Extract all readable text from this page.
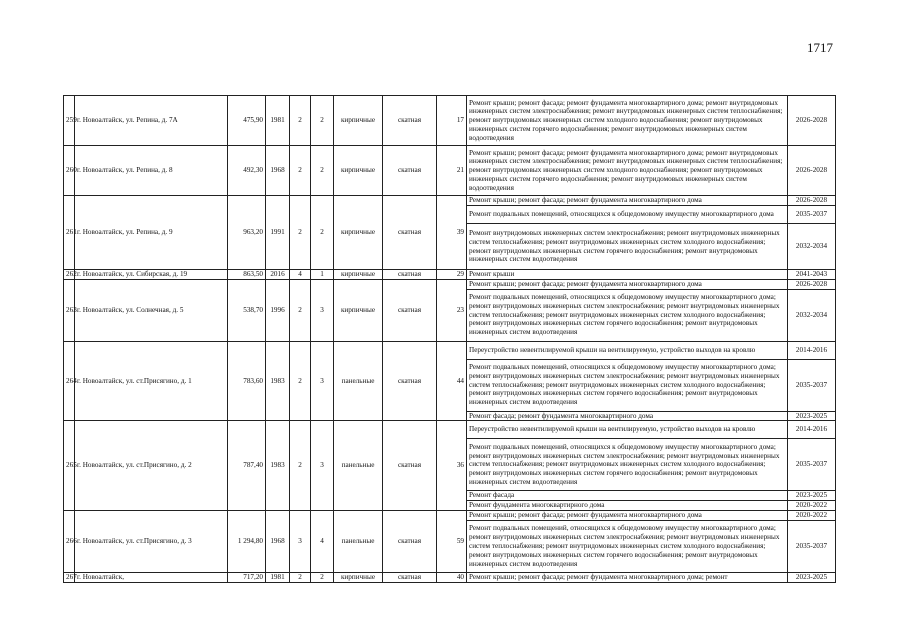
1717
259	г. Новоалтайск, ул. Репина, д. 7А	475,90	1981	2	2	кирпичные	скатная	17	Ремонт крыши; ремонт фасада; ремонт фундамента многоквартирного дома; ремонт внутридомовых инженерных систем электроснабжения; ремонт внутридомовых инженерных систем теплоснабжения; ремонт внутридомовых инженерных систем холодного водоснабжения; ремонт внутридомовых инженерных систем горячего водоснабжения; ремонт внутридомовых инженерных систем водоотведения	2026-2028
260	г. Новоалтайск, ул. Репина, д. 8	492,30	1968	2	2	кирпичные	скатная	21	Ремонт крыши; ремонт фасада; ремонт фундамента многоквартирного дома; ремонт внутридомовых инженерных систем электроснабжения; ремонт внутридомовых инженерных систем теплоснабжения; ремонт внутридомовых инженерных систем холодного водоснабжения; ремонт внутридомовых инженерных систем горячего водоснабжения; ремонт внутридомовых инженерных систем водоотведения	2026-2028
261	г. Новоалтайск, ул. Репина, д. 9	963,20	1991	2	2	кирпичные	скатная	39	Ремонт крыши; ремонт фасада; ремонт фундамента многоквартирного дома	2026-2028
									Ремонт подвальных помещений, относящихся к общедомовому имуществу многоквартирного дома	2035-2037
									Ремонт внутридомовых инженерных систем электроснабжения; ремонт внутридомовых инженерных систем теплоснабжения; ремонт внутридомовых инженерных систем холодного водоснабжения; ремонт внутридомовых инженерных систем горячего водоснабжения; ремонт внутридомовых инженерных систем водоотведения	2032-2034
262	г. Новоалтайск, ул. Сибирская, д. 19	863,50	2016	4	1	кирпичные	скатная	29	Ремонт крыши	2041-2043
263	г. Новоалтайск, ул. Солнечная, д. 5	538,70	1996	2	3	кирпичные	скатная	23	Ремонт крыши; ремонт фасада; ремонт фундамента многоквартирного дома	2026-2028
									Ремонт подвальных помещений, относящихся к общедомовому имуществу многоквартирного дома; ремонт внутридомовых инженерных систем электроснабжения; ремонт внутридомовых инженерных систем теплоснабжения; ремонт внутридомовых инженерных систем холодного водоснабжения; ремонт внутридомовых инженерных систем горячего водоснабжения; ремонт внутридомовых инженерных систем водоотведения	2032-2034
264	г. Новоалтайск, ул. ст.Присягино, д. 1	783,60	1983	2	3	панельные	скатная	44	Переустройство невентилируемой крыши на вентилируемую, устройство выходов на кровлю	2014-2016
									Ремонт подвальных помещений, относящихся к общедомовому имуществу многоквартирного дома; ремонт внутридомовых инженерных систем электроснабжения; ремонт внутридомовых инженерных систем теплоснабжения; ремонт внутридомовых инженерных систем холодного водоснабжения; ремонт внутридомовых инженерных систем горячего водоснабжения; ремонт внутридомовых инженерных систем водоотведения	2035-2037
									Ремонт фасада; ремонт фундамента многоквартирного дома	2023-2025
265	г. Новоалтайск, ул. ст.Присягино, д. 2	787,40	1983	2	3	панельные	скатная	36	Переустройство невентилируемой крыши на вентилируемую, устройство выходов на кровлю	2014-2016
									Ремонт подвальных помещений, относящихся к общедомовому имуществу многоквартирного дома; ремонт внутридомовых инженерных систем электроснабжения; ремонт внутридомовых инженерных систем теплоснабжения; ремонт внутридомовых инженерных систем холодного водоснабжения; ремонт внутридомовых инженерных систем горячего водоснабжения; ремонт внутридомовых инженерных систем водоотведения	2035-2037
									Ремонт фасада	2023-2025
									Ремонт фундамента многоквартирного дома	2020-2022
266	г. Новоалтайск, ул. ст.Присягино, д. 3	1 294,80	1968	3	4	панельные	скатная	59	Ремонт крыши; ремонт фасада; ремонт фундамента многоквартирного дома	2020-2022
									Ремонт подвальных помещений, относящихся к общедомовому имуществу многоквартирного дома; ремонт внутридомовых инженерных систем электроснабжения; ремонт внутридомовых инженерных систем теплоснабжения; ремонт внутридомовых инженерных систем холодного водоснабжения; ремонт внутридомовых инженерных систем горячего водоснабжения; ремонт внутридомовых инженерных систем водоотведения	2035-2037
267	г. Новоалтайск,	717,20	1981	2	2	кирпичные	скатная	40	Ремонт крыши; ремонт фасада; ремонт фундамента многоквартирного дома; ремонт	2023-2025
